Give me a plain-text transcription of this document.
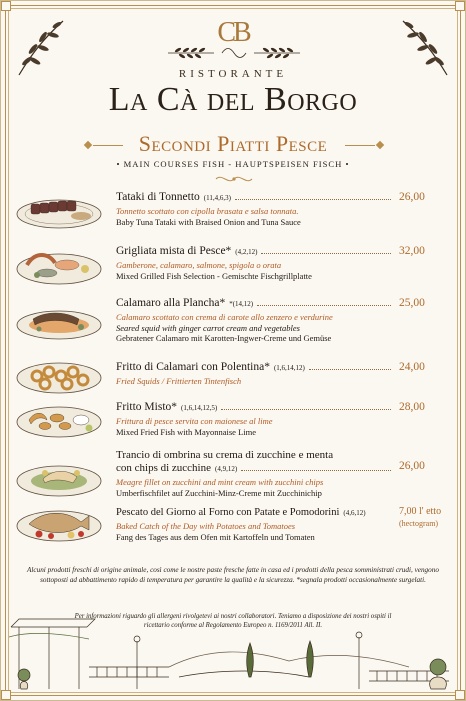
CB
RISTORANTE
La Cà del Borgo
Secondi Piatti Pesce
• MAIN COURSES FISH - HAUPTSPEISEN FISCH •
Tataki di Tonnetto (11,4,6,3)	26,00
Tonnetto scottato con cipolla brasata e salsa tonnata.
Baby Tuna Tataki with Braised Onion and Tuna Sauce
Grigliata mista di Pesce* (4,2,12)	32,00
Gamberone, calamaro, salmone, spigola o orata
Mixed Grilled Fish Selection - Gemischte Fischgrillplatte
Calamaro alla Plancha* *(14,12)	25,00
Calamaro scottato con crema di carote allo zenzero e verdurine
Seared squid with ginger carrot cream and vegetables
Gebratener Calamaro mit Karotten-Ingwer-Creme und Gemüse
Fritto di Calamari con Polentina* (1,6,14,12)	24,00
Fried Squids / Frittierten Tintenfisch
Fritto Misto* (1,6,14,12,5)	28,00
Frittura di pesce servita con maionese al lime
Mixed Fried Fish with Mayonnaise Lime
Trancio di ombrina su crema di zucchine e menta
con chips di zucchine (4,9,12)	26,00
Meagre fillet on zucchini and mint cream with zucchini chips
Umberfischfilet auf Zucchini-Minz-Creme mit Zucchinichip
Pescato del Giorno al Forno con Patate e Pomodorini (4,6,12)	7,00 l' etto
(hectogram)
Baked Catch of the Day with Potatoes and Tomatoes
Fang des Tages aus dem Ofen mit Kartoffeln und Tomaten
Alcuni prodotti freschi di origine animale, così come le nostre paste fresche fatte in casa ed i prodotti della pesca somministrati crudi, vengono sottoposti ad abbattimento rapido di temperatura per garantire la qualità e la sicurezza. *segnala prodotti occasionalmente surgelati.
Per informazioni riguardo gli allergeni rivolgetevi ai nostri collaboratori. Teniamo a disposizione dei nostri ospiti il ricettario conforme al Regolamento Europeo n. 1169/2011 All. II.
